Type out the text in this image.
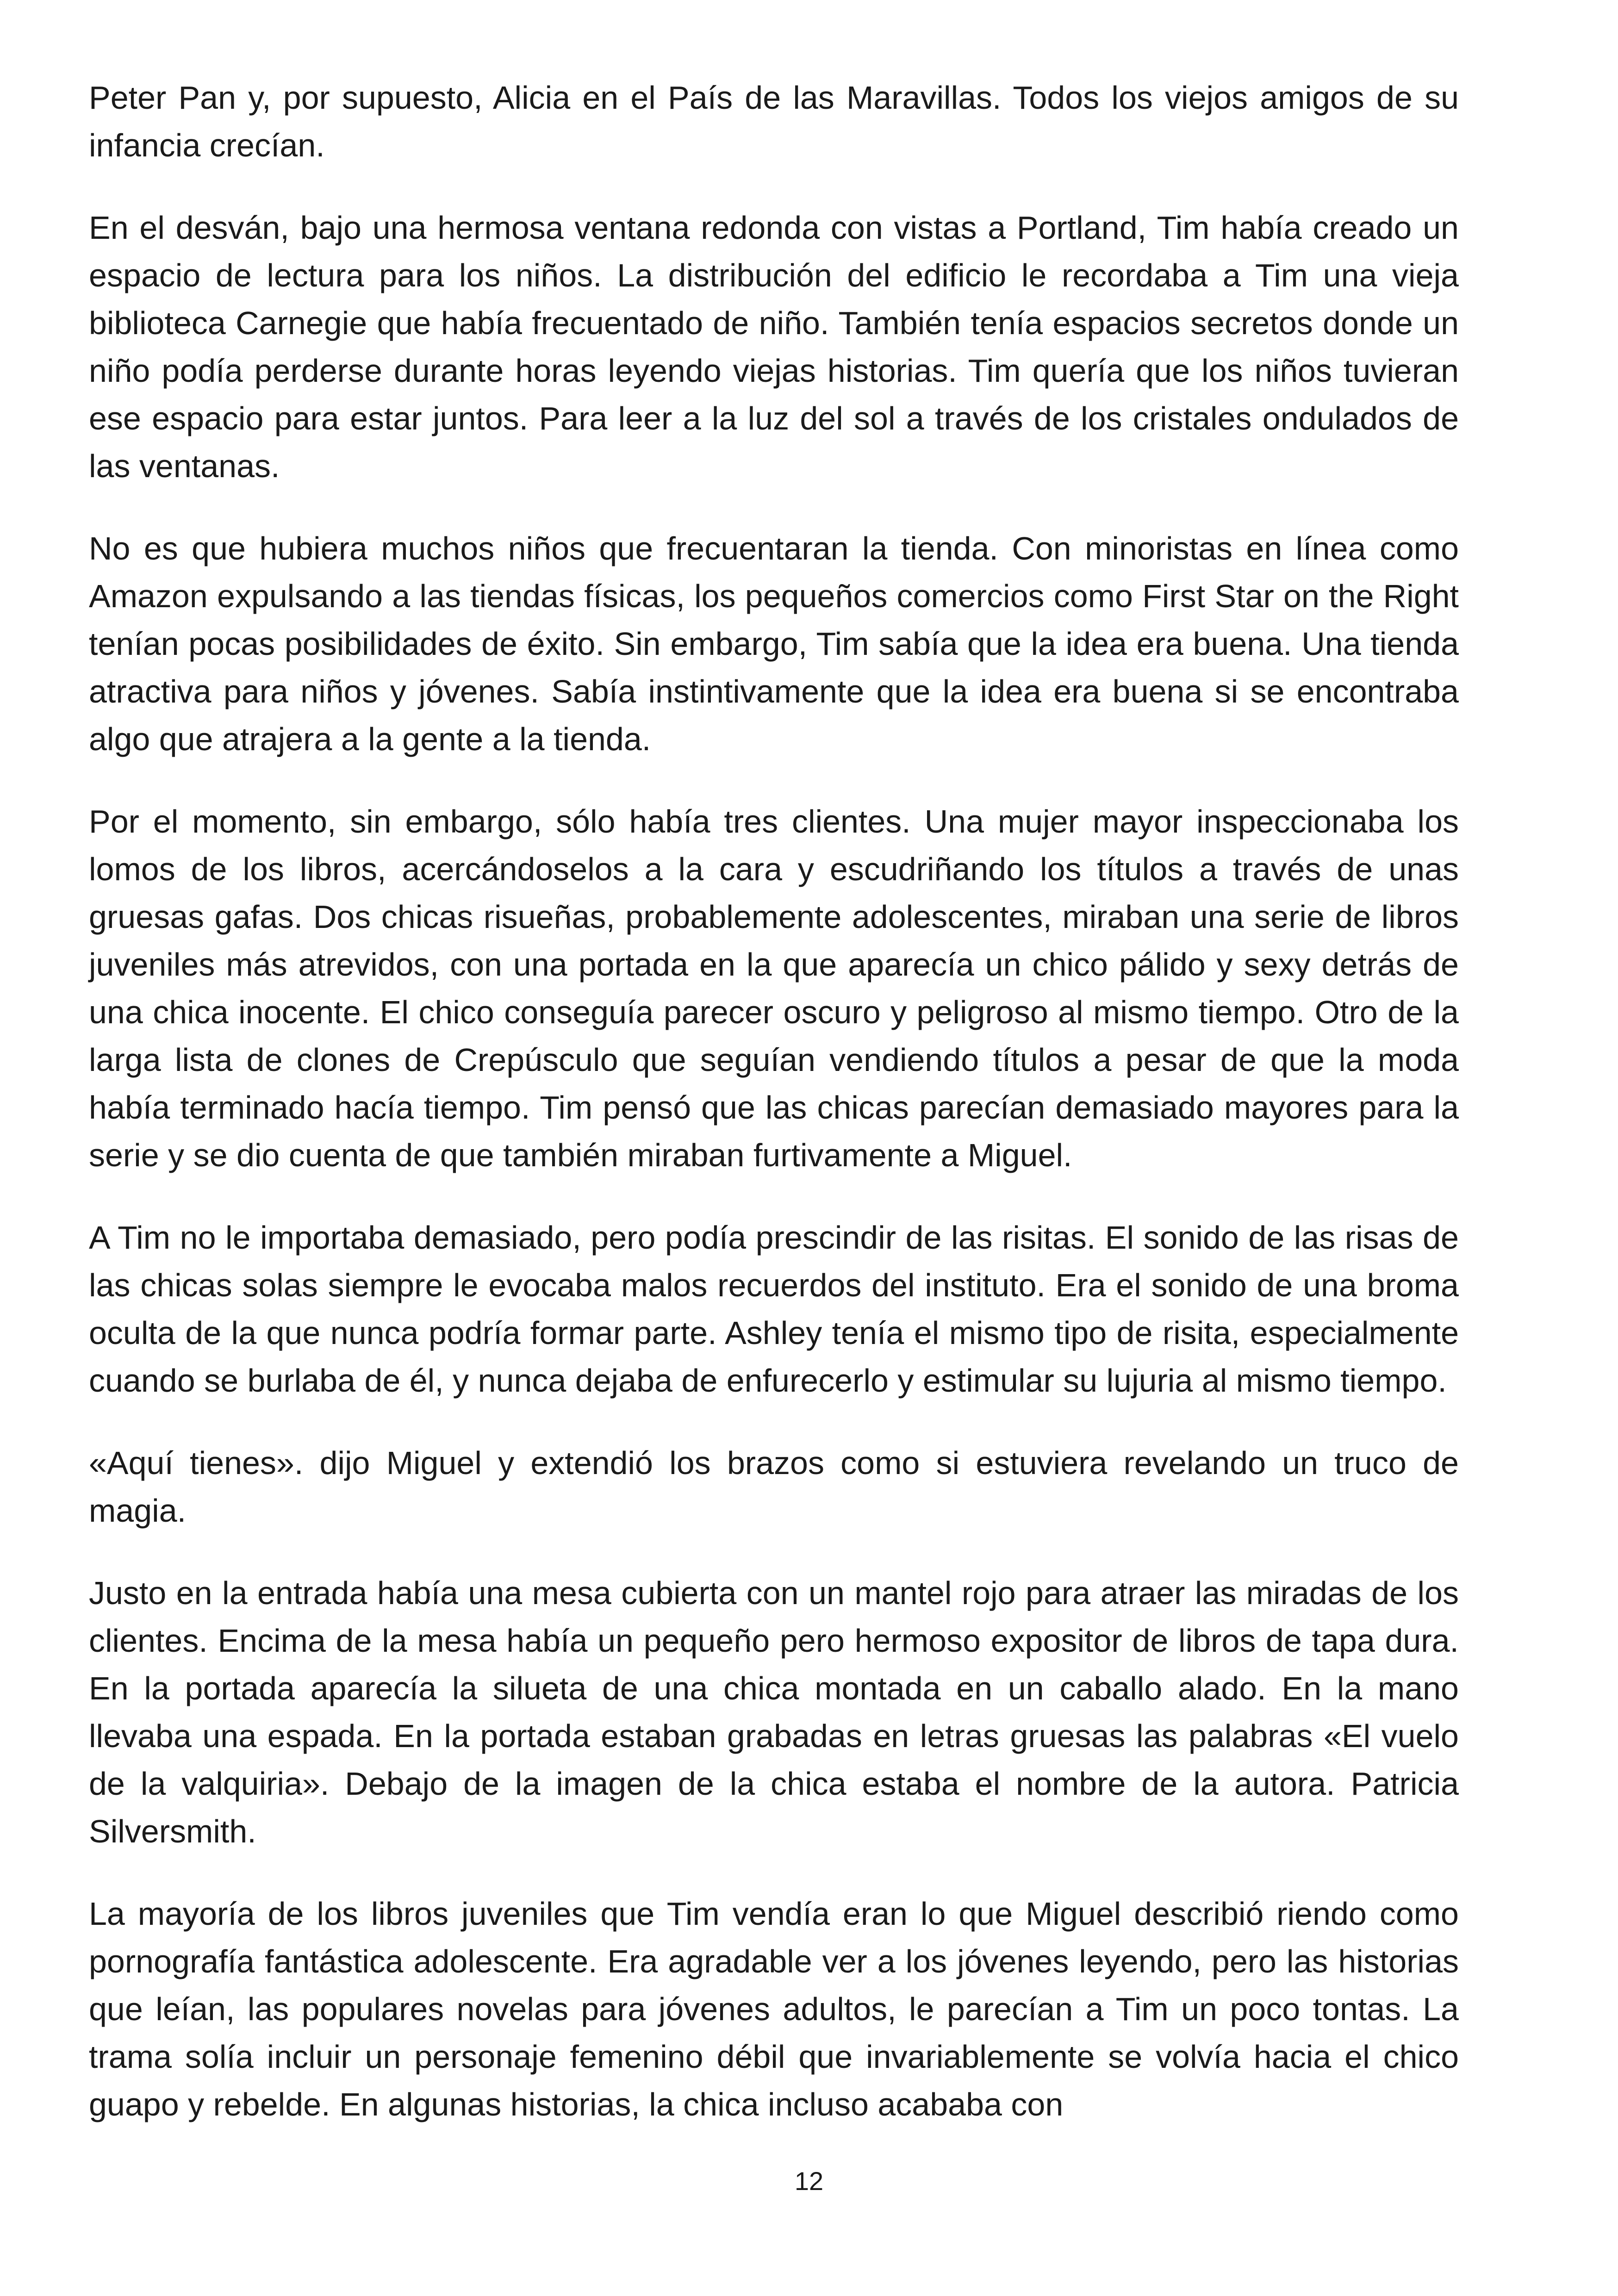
Peter Pan y, por supuesto, Alicia en el País de las Maravillas. Todos los viejos amigos de su infancia crecían.

En el desván, bajo una hermosa ventana redonda con vistas a Portland, Tim había creado un espacio de lectura para los niños. La distribución del edificio le recordaba a Tim una vieja biblioteca Carnegie que había frecuentado de niño. También tenía espacios secretos donde un niño podía perderse durante horas leyendo viejas historias. Tim quería que los niños tuvieran ese espacio para estar juntos. Para leer a la luz del sol a través de los cristales ondulados de las ventanas.

No es que hubiera muchos niños que frecuentaran la tienda. Con minoristas en línea como Amazon expulsando a las tiendas físicas, los pequeños comercios como First Star on the Right tenían pocas posibilidades de éxito. Sin embargo, Tim sabía que la idea era buena. Una tienda atractiva para niños y jóvenes. Sabía instintivamente que la idea era buena si se encontraba algo que atrajera a la gente a la tienda.

Por el momento, sin embargo, sólo había tres clientes. Una mujer mayor inspeccionaba los lomos de los libros, acercándoselos a la cara y escudriñando los títulos a través de unas gruesas gafas. Dos chicas risueñas, probablemente adolescentes, miraban una serie de libros juveniles más atrevidos, con una portada en la que aparecía un chico pálido y sexy detrás de una chica inocente. El chico conseguía parecer oscuro y peligroso al mismo tiempo. Otro de la larga lista de clones de Crepúsculo que seguían vendiendo títulos a pesar de que la moda había terminado hacía tiempo. Tim pensó que las chicas parecían demasiado mayores para la serie y se dio cuenta de que también miraban furtivamente a Miguel.

A Tim no le importaba demasiado, pero podía prescindir de las risitas. El sonido de las risas de las chicas solas siempre le evocaba malos recuerdos del instituto. Era el sonido de una broma oculta de la que nunca podría formar parte. Ashley tenía el mismo tipo de risita, especialmente cuando se burlaba de él, y nunca dejaba de enfurecerlo y estimular su lujuria al mismo tiempo.

«Aquí tienes». dijo Miguel y extendió los brazos como si estuviera revelando un truco de magia.

Justo en la entrada había una mesa cubierta con un mantel rojo para atraer las miradas de los clientes. Encima de la mesa había un pequeño pero hermoso expositor de libros de tapa dura. En la portada aparecía la silueta de una chica montada en un caballo alado. En la mano llevaba una espada. En la portada estaban grabadas en letras gruesas las palabras «El vuelo de la valquiria». Debajo de la imagen de la chica estaba el nombre de la autora. Patricia Silversmith.

La mayoría de los libros juveniles que Tim vendía eran lo que Miguel describió riendo como pornografía fantástica adolescente. Era agradable ver a los jóvenes leyendo, pero las historias que leían, las populares novelas para jóvenes adultos, le parecían a Tim un poco tontas. La trama solía incluir un personaje femenino débil que invariablemente se volvía hacia el chico guapo y rebelde. En algunas historias, la chica incluso acababa con

12
